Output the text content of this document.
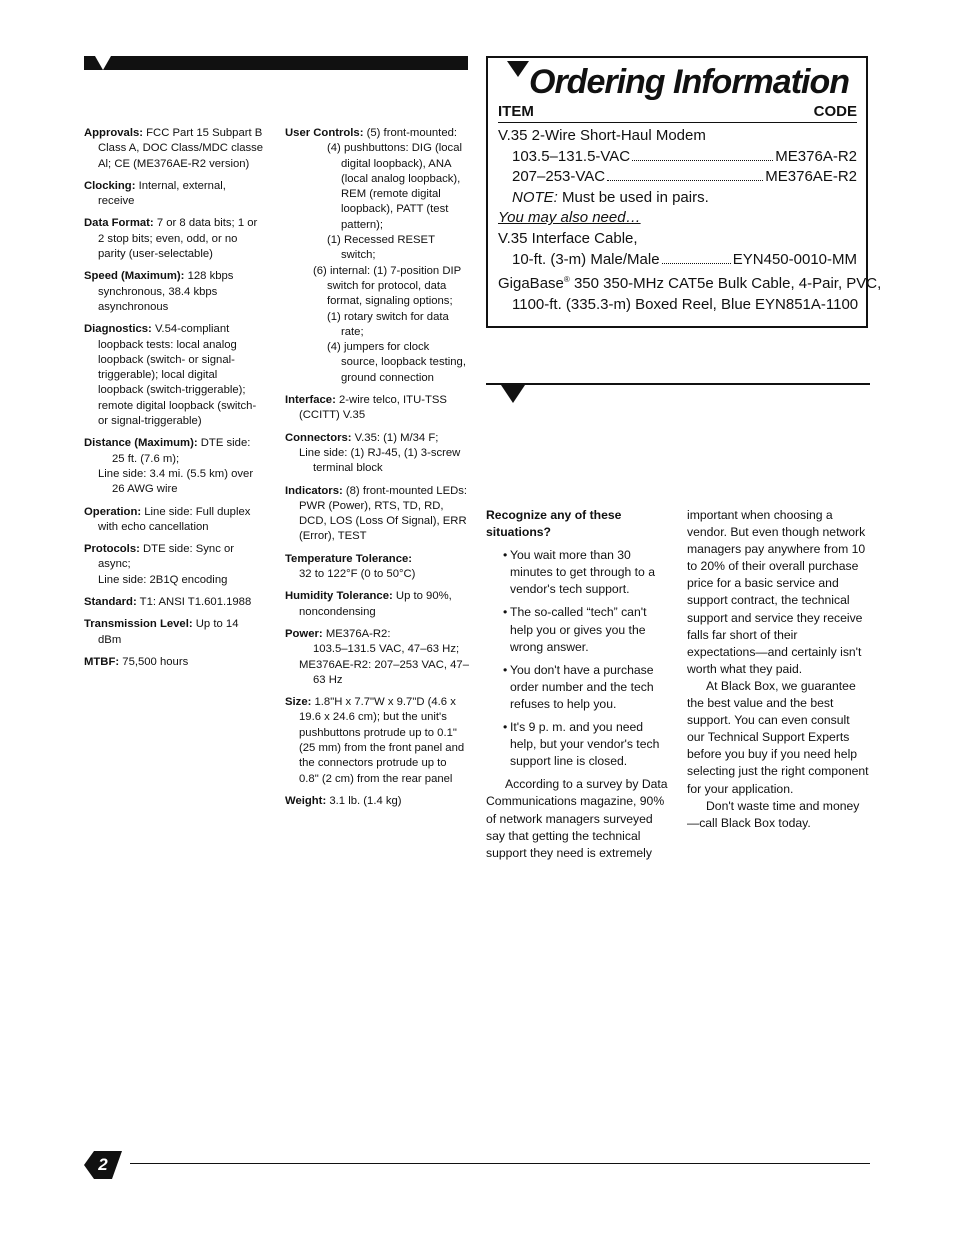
Approvals: FCC Part 15 Subpart B Class A, DOC Class/MDC classe Al; CE (ME376AE-R2 version)

Clocking: Internal, external, receive

Data Format: 7 or 8 data bits; 1 or 2 stop bits; even, odd, or no parity (user-selectable)

Speed (Maximum): 128 kbps synchronous, 38.4 kbps asynchronous

Diagnostics: V.54-compliant loopback tests: local analog loopback (switch- or signal-triggerable); local digital loopback (switch-triggerable); remote digital loopback (switch- or signal-triggerable)

Distance (Maximum): DTE side:
25 ft. (7.6 m);
Line side: 3.4 mi. (5.5 km) over 26 AWG wire

Operation: Line side: Full duplex with echo cancellation

Protocols: DTE side: Sync or async;
Line side: 2B1Q encoding

Standard: T1: ANSI T1.601.1988

Transmission Level: Up to 14 dBm

MTBF: 75,500 hours

User Controls: (5) front-mounted:
(4) pushbuttons: DIG (local digital loopback), ANA (local analog loopback), REM (remote digital loopback), PATT (test pattern);
(1) Recessed RESET switch;
(6) internal: (1) 7-position DIP switch for protocol, data format, signaling options;
(1) rotary switch for data rate;
(4) jumpers for clock source, loopback testing, ground connection

Interface: 2-wire telco, ITU-TSS (CCITT) V.35

Connectors: V.35: (1) M/34 F;
Line side: (1) RJ-45, (1) 3-screw terminal block

Indicators: (8) front-mounted LEDs: PWR (Power), RTS, TD, RD, DCD, LOS (Loss Of Signal), ERR (Error), TEST

Temperature Tolerance:
32 to 122°F (0 to 50°C)

Humidity Tolerance: Up to 90%, noncondensing

Power: ME376A-R2:
103.5–131.5 VAC, 47–63 Hz;
ME376AE-R2: 207–253 VAC, 47–63 Hz

Size: 1.8"H x 7.7"W x 9.7"D (4.6 x 19.6 x 24.6 cm); but the unit's pushbuttons protrude up to 0.1" (25 mm) from the front panel and the connectors protrude up to 0.8" (2 cm) from the rear panel

Weight: 3.1 lb. (1.4 kg)

Ordering Information
ITEM	CODE
V.35 2-Wire Short-Haul Modem
103.5–131.5-VAC	ME376A-R2
207–253-VAC	ME376AE-R2
NOTE: Must be used in pairs.
You may also need…
V.35 Interface Cable,
10-ft. (3-m) Male/Male	EYN450-0010-MM
GigaBase® 350 350-MHz CAT5e Bulk Cable, 4-Pair, PVC,
1100-ft. (335.3-m) Boxed Reel, Blue EYN851A-1100

Recognize any of these situations?

• You wait more than 30 minutes to get through to a vendor's tech support.
• The so-called “tech” can't help you or gives you the wrong answer.
• You don't have a purchase order number and the tech refuses to help you.
• It's 9 p. m. and you need help, but your vendor's tech support line is closed.

According to a survey by Data Communications magazine, 90% of network managers surveyed say that getting the technical support they need is extremely

important when choosing a vendor. But even though network managers pay anywhere from 10 to 20% of their overall purchase price for a basic service and support contract, the technical support and service they receive falls far short of their expectations—and certainly isn't worth what they paid.

At Black Box, we guarantee the best value and the best support. You can even consult our Technical Support Experts before you buy if you need help selecting just the right component for your application.

Don't waste time and money—call Black Box today.

2
